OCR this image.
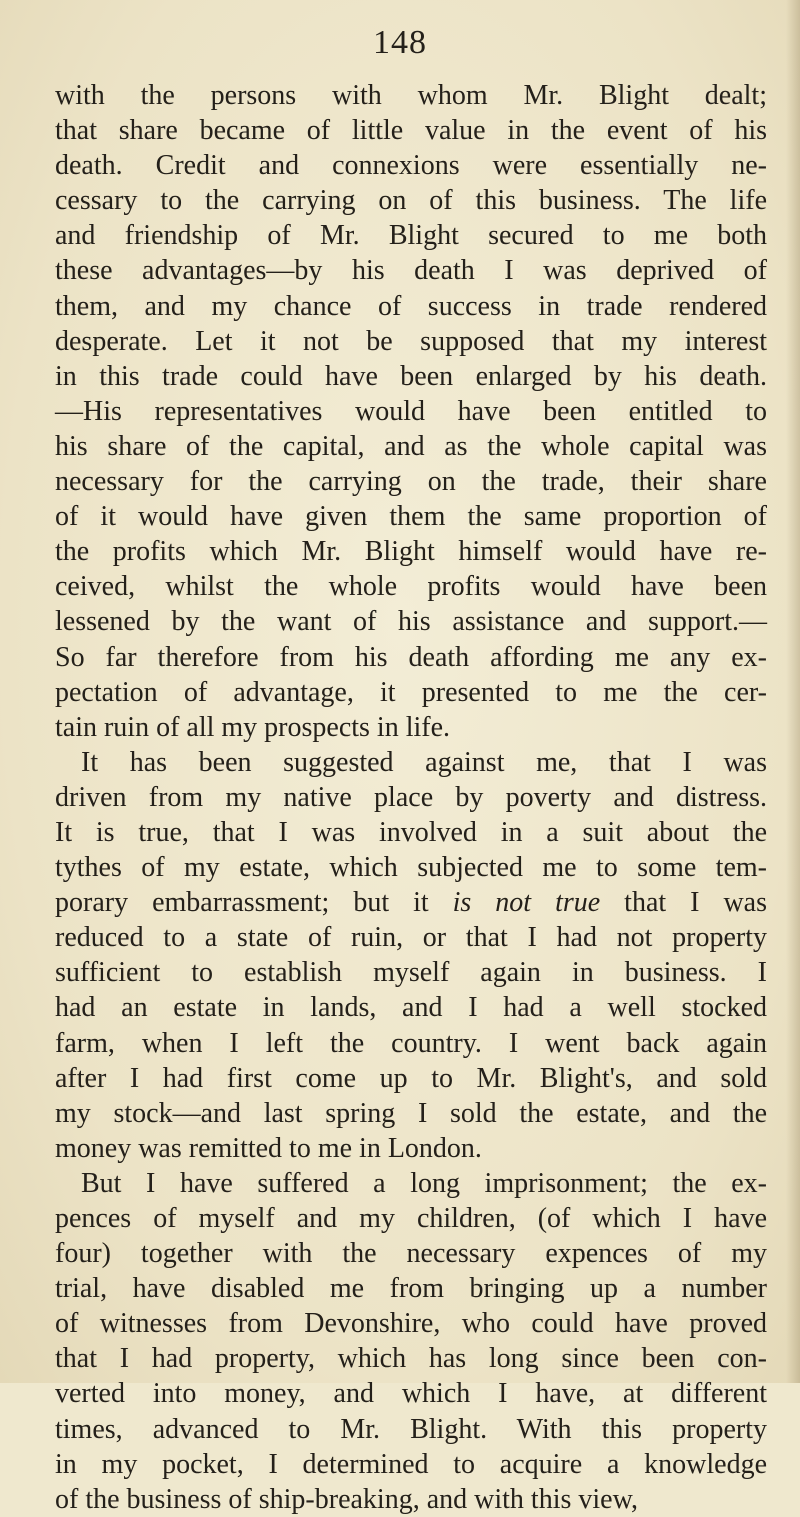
148
with the persons with whom Mr. Blight dealt;
that share became of little value in the event of his
death. Credit and connexions were essentially ne-
cessary to the carrying on of this business. The life
and friendship of Mr. Blight secured to me both
these advantages—by his death I was deprived of
them, and my chance of success in trade rendered
desperate. Let it not be supposed that my interest
in this trade could have been enlarged by his death.
—His representatives would have been entitled to
his share of the capital, and as the whole capital was
necessary for the carrying on the trade, their share
of it would have given them the same proportion of
the profits which Mr. Blight himself would have re-
ceived, whilst the whole profits would have been
lessened by the want of his assistance and support.—
So far therefore from his death affording me any ex-
pectation of advantage, it presented to me the cer-
tain ruin of all my prospects in life.
It has been suggested against me, that I was
driven from my native place by poverty and distress.
It is true, that I was involved in a suit about the
tythes of my estate, which subjected me to some tem-
porary embarrassment; but it is not true that I was
reduced to a state of ruin, or that I had not property
sufficient to establish myself again in business. I
had an estate in lands, and I had a well stocked
farm, when I left the country. I went back again
after I had first come up to Mr. Blight's, and sold
my stock—and last spring I sold the estate, and the
money was remitted to me in London.
But I have suffered a long imprisonment; the ex-
pences of myself and my children, (of which I have
four) together with the necessary expences of my
trial, have disabled me from bringing up a number
of witnesses from Devonshire, who could have proved
that I had property, which has long since been con-
verted into money, and which I have, at different
times, advanced to Mr. Blight. With this property
in my pocket, I determined to acquire a knowledge
of the business of ship-breaking, and with this view,
